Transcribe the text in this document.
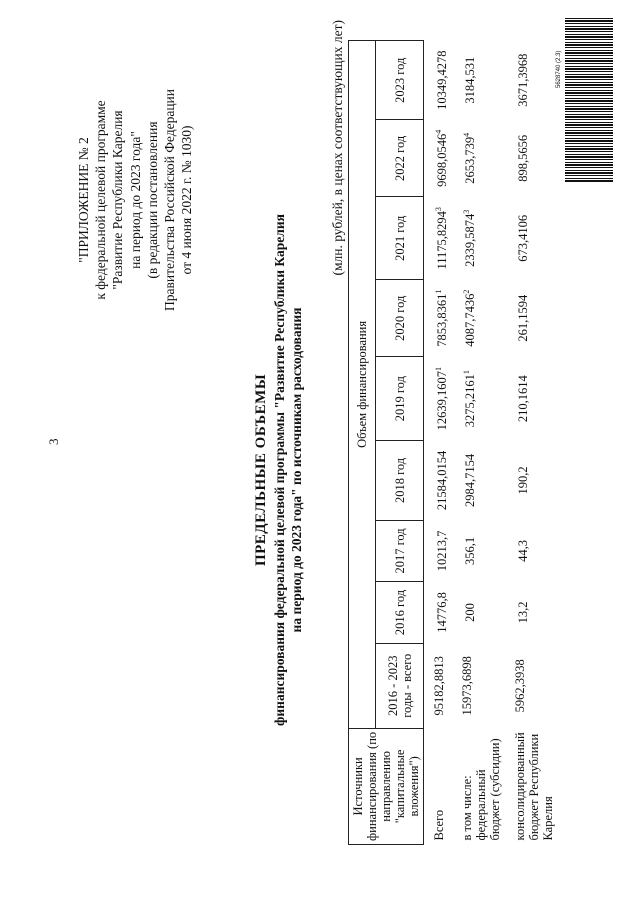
3
"ПРИЛОЖЕНИЕ № 2 к федеральной целевой программе "Развитие Республики Карелия на период до 2023 года" (в редакции постановления Правительства Российской Федерации от 4 июня 2022 г. № 1030)
ПРЕДЕЛЬНЫЕ ОБЪЕМЫ финансирования федеральной целевой программы "Развитие Республики Карелия на период до 2023 года" по источникам расходования
(млн. рублей, в ценах соответствующих лет)
Источники финансирования (по направлению "капитальные вложения")	Объем финансирования								
	2016 - 2023 годы - всего	2016 год	2017 год	2018 год	2019 год	2020 год	2021 год	2022 год	2023 год
Всего	95182,8813	14776,8	10213,7	21584,0154	12639,1607$^1$	7853,8361$^1$	11175,8294$^3$	9698,0546$^4$	10349,4278
в том числе: федеральный бюджет (субсидии)	15973,6898	200	356,1	2984,7154	3275,2161$^1$	4087,7436$^2$	2339,5874$^3$	2653,739$^4$	3184,531
консолидированный бюджет Республики Карелия	5962,3938	13,2	44,3	190,2	210,1614	261,1594	673,4106	898,5656	3671,3968	5628740 (2.3)
